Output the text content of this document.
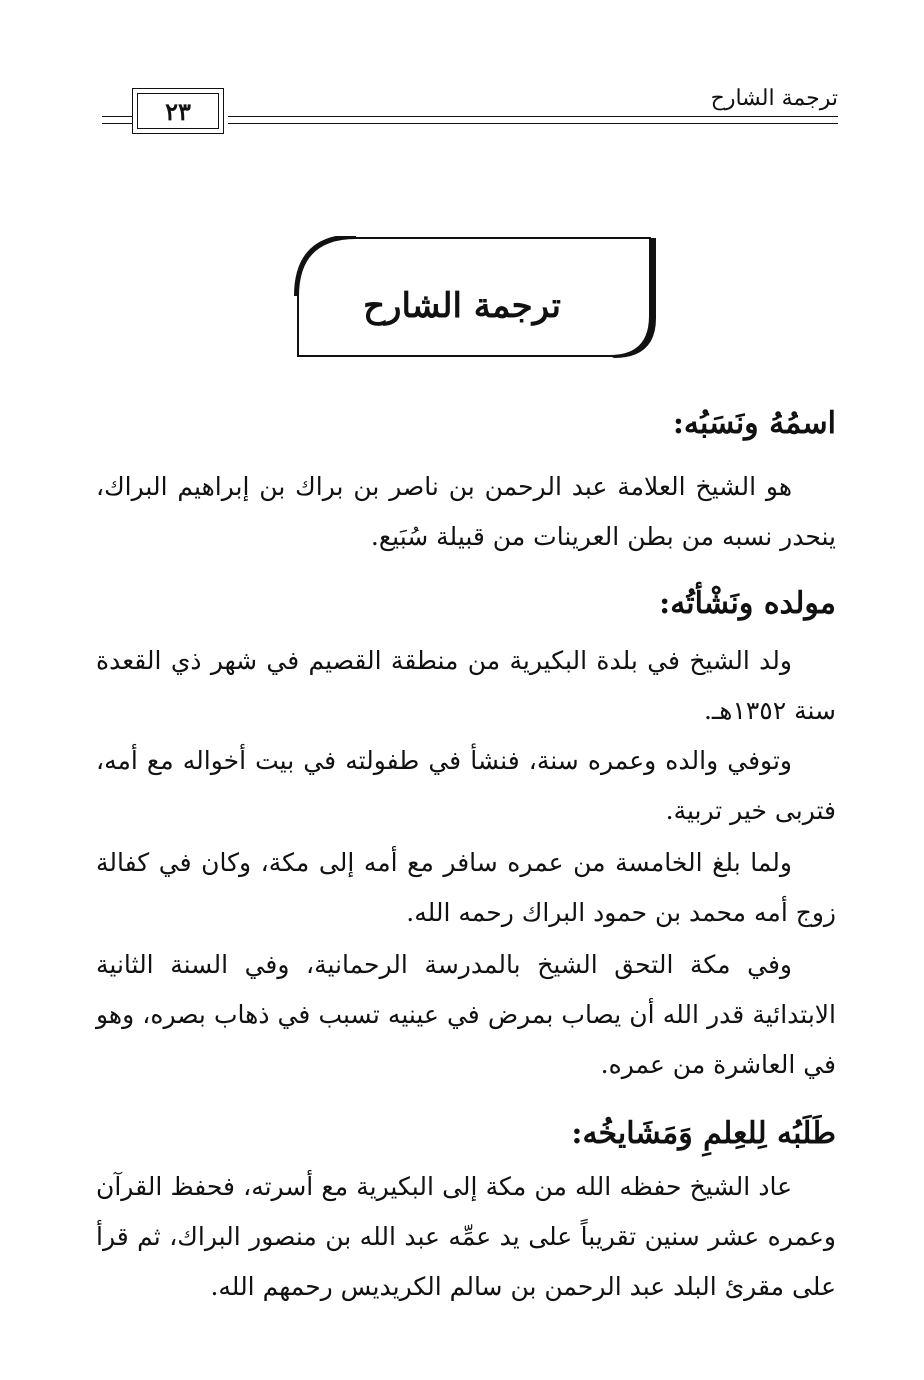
ترجمة الشارح
٢٣
ترجمة الشارح
اسمُهُ ونَسَبُه:
هو الشيخ العلامة عبد الرحمن بن ناصر بن براك بن إبراهيم البراك، ينحدر نسبه من بطن العرينات من قبيلة سُبَيع.
مولده ونَشْأتُه:
ولد الشيخ في بلدة البكيرية من منطقة القصيم في شهر ذي القعدة سنة ١٣٥٢هـ.
وتوفي والده وعمره سنة، فنشأ في طفولته في بيت أخواله مع أمه، فتربى خير تربية.
ولما بلغ الخامسة من عمره سافر مع أمه إلى مكة، وكان في كفالة زوج أمه محمد بن حمود البراك رحمه الله.
وفي مكة التحق الشيخ بالمدرسة الرحمانية، وفي السنة الثانية الابتدائية قدر الله أن يصاب بمرض في عينيه تسبب في ذهاب بصره، وهو في العاشرة من عمره.
طَلَبُه لِلعِلمِ وَمَشَايخُه:
عاد الشيخ حفظه الله من مكة إلى البكيرية مع أسرته، فحفظ القرآن وعمره عشر سنين تقريباً على يد عمِّه عبد الله بن منصور البراك، ثم قرأ على مقرئ البلد عبد الرحمن بن سالم الكريديس رحمهم الله.
